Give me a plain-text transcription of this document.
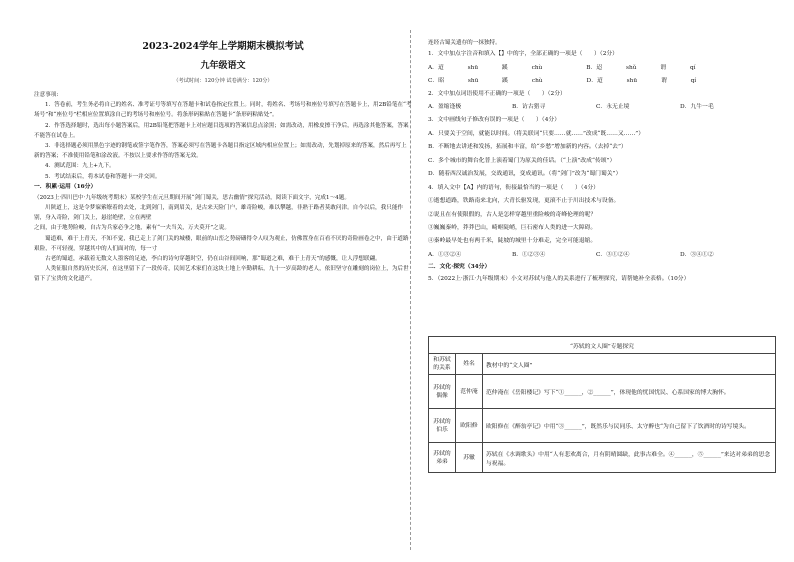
2023-2024学年上学期期末模拟考试

九年级语文

（考试时间：120分钟 试卷满分：120分）

注意事项:

1．答卷前，考生务必将自己的姓名、准考证号等填写在答题卡和试卷指定位置上。同时，将姓名、考场号和座位号填写在答题卡上，用2B铅笔在“考场号”和“座位号”栏相应位置填涂自己的考场号和座位号。将条形码粘贴在答题卡“条形码粘贴处”。

2．作答选择题时，选出每小题答案后，用2B铅笔把答题卡上对应题目选项的答案信息点涂黑；如需改动，用橡皮擦干净后，再选涂其他答案，答案不能答在试卷上。

3．非选择题必须用黑色字迹的钢笔或签字笔作答，答案必须写在答题卡各题目指定区域内相应位置上；如需改动，先划掉原来的答案，然后再写上新的答案；不准使用铅笔和涂改液。不按以上要求作答的答案无效。

4．测试范围：九上+九下。

5．考试结束后，将本试卷和答题卡一并交回。

一．积累·运用（16分）

（2023上·四川巴中·九年级统考期末）某校学生在元旦期间开展“剑门蜀关，思古幽情”探究活动，阅读下面文字，完成1～4题。

川陕道上，这是令梦寐萦缭着的去处，北到剑门，南到眉关，是古来天险门户，雄奇险峻，难以攀越，非熟于路者莫敢问津。自今以后，我只能作别，身入奇险，剑门关上，悬崖绝壁，立在两壁

之间，由于地势险峻，自古为兵家必争之地，素有“一夫当关，万夫莫开”之说。

蜀道难，难于上青天，不知不觉，我已走上了剑门关的城楼，眼前的山峦之势磅礴得令人叹为观止，仿佛置身在百看不厌的奇险画卷之中，由于道路艰险，不可轻视，穿越其中的人们面对的，每一寸

古老的蜀道，承载着无数文人墨客的足迹，李白的诗句穿越时空，仍在山谷间回响，那“蜀道之难，难于上青天”的感慨，让人浮想联翩。

人类征服自然的历史长河，在这里留下了一段传奇，民间艺术家们在这块土地上辛勤耕耘，九十一岁高龄的老人，依旧坚守在雕刻的岗位上，为后世留下了宝贵的文化遗产。

连经古蜀关遗存的一抹独特。

1．文中加点字注音和填入【】中的字，全部正确的一项是（　　）（2分）

A．迢	shū	蹊	chù	B．迢	shǔ	谓	qí
C．昭	shū	蹊	chù	D．迢	shū	谓	qí

2．文中加点词语使用不正确的一项是（　　）（2分）

A．盈缩逢极	B．访古猎寻	C．永无止境	D．九牛一毛

3．文中画线句子修改有误的一项是（　　）（4分）

A．只要关于空间，就能以时间。（将关联词“只要……就……”改成“既……又……”）

B．不断地去讲述和发扬，拓展和丰富，给“乡愁”增加新的内容。（去掉“去”）

C．多个城市的舞台化普上演着蜀门为原关的佳话。（“上演”改成“传颂”）

D．随着西汉诚治发展，交战通讯，变成通讯。（将“剑门”改为“蜀门蜀关”）

4．填入文中【A】内的语句，衔接最恰当的一项是（　　）（4分）

①逝想道路，铁路南来北向，大青长驱发现，更滚不止于川出技术与设备。

②说且在有使限假的，古人是怎样穿越里重险峻的奇峰伦理的呢？

③巍巍秦岭，莽莽巴山，崎岖陡峭，巨石密布人类的进一大障碍。

④秦岭最早处也有两千米，陡坡的城里十分难走，完全可能退缩。

A．①③②④	B．①②③④	C．③①②④	D．③④①②

二．文化·探究（34分）

5．（2022上·浙江·九年级期末）小文对苏轼与他人的关系进行了梳理探究，请帮她补全表格。（10分）

“苏轼的文人圈”专题探究		
和苏轼的关系	姓名	教材中的“文人圈”
苏轼的偶像	范仲淹	范仲淹在《岳阳楼记》写下“①______，②______”，体现他的忧国忧民、心系国家的博大胸怀。
苏轼的伯乐	欧阳修	欧阳修在《醉翁亭记》中用“③______”，既然乐与民同乐、太守醉也“为自己留下了饮酒时的诗写境头。
苏轼的弟弟	苏辙	苏轼在《水调歌头》中用“人有悲欢离合，月有阴晴圆缺，此事古难全。④______，⑤______”来达对弟弟的思念与祝福。
